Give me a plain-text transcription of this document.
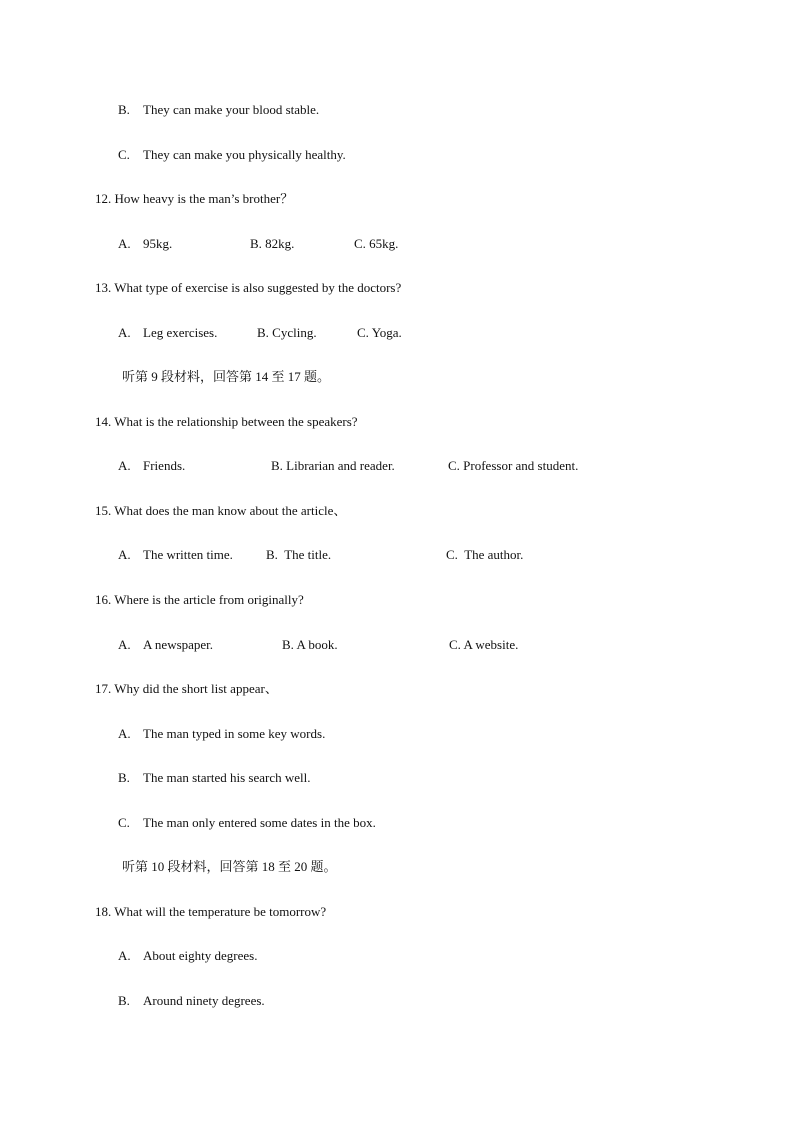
B. They can make your blood stable.
C. They can make you physically healthy.
12. How heavy is the man’s brother？
A. 95kg.	B. 82kg.	C. 65kg.
13. What type of exercise is also suggested by the doctors?
A. Leg exercises.	B. Cycling.	C. Yoga.
听第 9 段材料，回答第 14 至 17 题。
14. What is the relationship between the speakers?
A. Friends.	B. Librarian and reader.	C. Professor and student.
15. What does the man know about the article、
A. The written time.	B. The title.	C. The author.
16. Where is the article from originally?
A. A newspaper.	B. A book.	C. A website.
17. Why did the short list appear、
A. The man typed in some key words.
B. The man started his search well.
C. The man only entered some dates in the box.
听第 10 段材料，回答第 18 至 20 题。
18. What will the temperature be tomorrow?
A. About eighty degrees.
B. Around ninety degrees.
